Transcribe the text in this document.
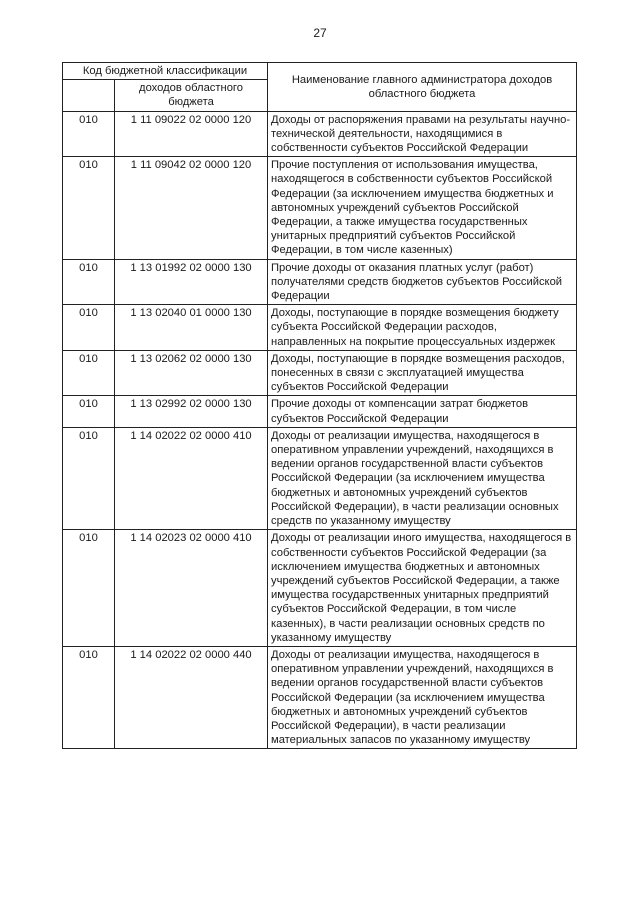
27
Код бюджетной классификации		Наименование главного администратора доходов областного бюджета
	доходов областного бюджета	
010	1 11 09022 02 0000 120	Доходы от распоряжения правами на результаты научно-технической деятельности, находящимися в собственности субъектов Российской Федерации
010	1 11 09042 02 0000 120	Прочие поступления от использования имущества, находящегося в собственности субъектов Российской Федерации (за исключением имущества бюджетных и автономных учреждений субъектов Российской Федерации, а также имущества государственных унитарных предприятий субъектов Российской Федерации, в том числе казенных)
010	1 13 01992 02 0000 130	Прочие доходы от оказания платных услуг (работ) получателями средств бюджетов субъектов Российской Федерации
010	1 13 02040 01 0000 130	Доходы, поступающие в порядке возмещения бюджету субъекта Российской Федерации расходов, направленных на покрытие процессуальных издержек
010	1 13 02062 02 0000 130	Доходы, поступающие в порядке возмещения расходов, понесенных в связи с эксплуатацией имущества субъектов Российской Федерации
010	1 13 02992 02 0000 130	Прочие доходы от компенсации затрат бюджетов субъектов Российской Федерации
010	1 14 02022 02 0000 410	Доходы от реализации имущества, находящегося в оперативном управлении учреждений, находящихся в ведении органов государственной власти субъектов Российской Федерации (за исключением имущества бюджетных и автономных учреждений субъектов Российской Федерации), в части реализации основных средств по указанному имуществу
010	1 14 02023 02 0000 410	Доходы от реализации иного имущества, находящегося в собственности субъектов Российской Федерации (за исключением имущества бюджетных и автономных учреждений субъектов Российской Федерации, а также имущества государственных унитарных предприятий субъектов Российской Федерации, в том числе казенных), в части реализации основных средств по указанному имуществу
010	1 14 02022 02 0000 440	Доходы от реализации имущества, находящегося в оперативном управлении учреждений, находящихся в ведении органов государственной власти субъектов Российской Федерации (за исключением имущества бюджетных и автономных учреждений субъектов Российской Федерации), в части реализации материальных запасов по указанному имуществу
